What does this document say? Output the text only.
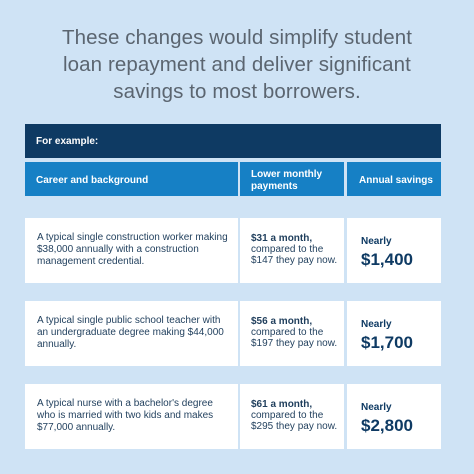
These changes would simplify student
loan repayment and deliver significant
savings to most borrowers.
For example:
Career and background
Lower monthly payments
Annual savings
A typical single construction worker making $38,000 annually with a construction management credential.
$31 a month,
compared to the $147 they pay now.
Nearly
$1,400
A typical single public school teacher with an undergraduate degree making $44,000 annually.
$56 a month,
compared to the $197 they pay now.
Nearly
$1,700
A typical nurse with a bachelor's degree who is married with two kids and makes $77,000 annually.
$61 a month,
compared to the $295 they pay now.
Nearly
$2,800
